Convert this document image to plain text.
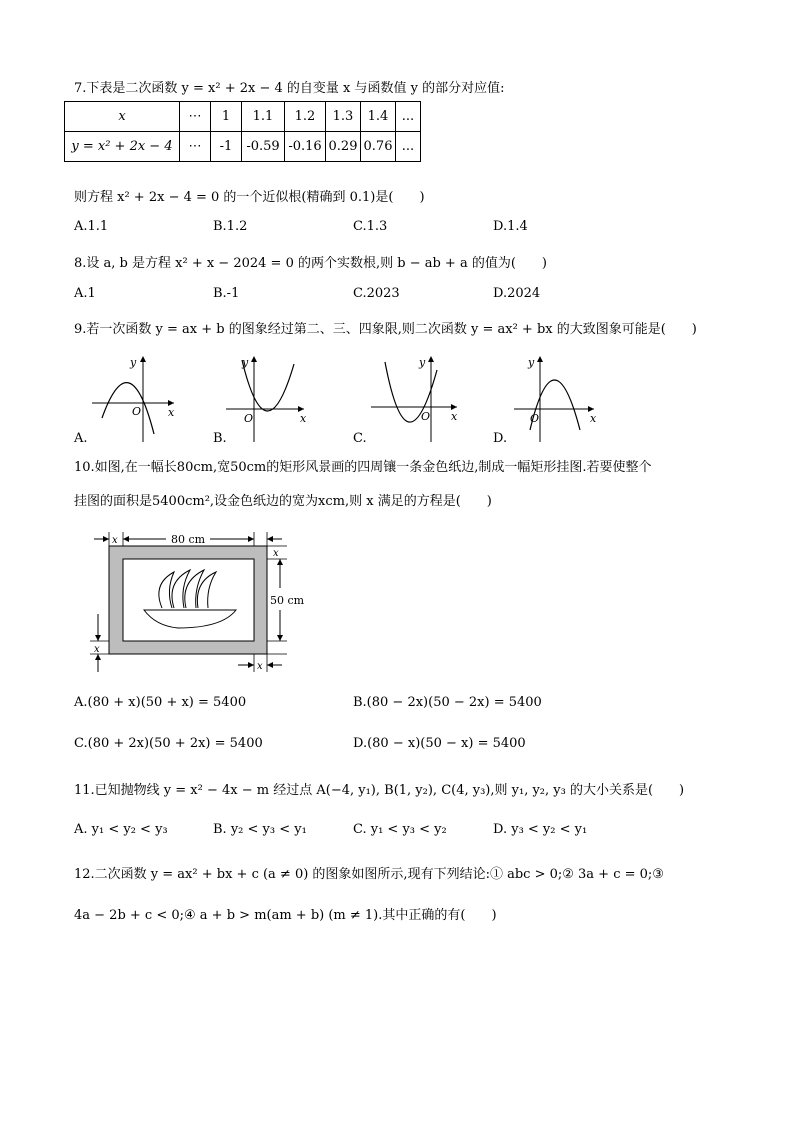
7.下表是二次函数 y = x² + 2x − 4 的自变量 x 与函数值 y 的部分对应值:
x	⋯	1	1.1	1.2	1.3	1.4	...
y = x² + 2x − 4	⋯	-1	-0.59	-0.16	0.29	0.76	...
则方程 x² + 2x − 4 = 0 的一个近似根(精确到 0.1)是(　　)
A.1.1	B.1.2	C.1.3	D.1.4
8.设 a, b 是方程 x² + x − 2024 = 0 的两个实数根,则 b − ab + a 的值为(　　)
A.1	B.-1	C.2023	D.2024
9.若一次函数 y = ax + b 的图象经过第二、三、四象限,则二次函数 y = ax² + bx 的大致图象可能是(　　)
y
x
O
A.
y
x
O
B.
y
x
O
C.
y
x
O
D.
10.如图,在一幅长80cm,宽50cm的矩形风景画的四周镶一条金色纸边,制成一幅矩形挂图.若要使整个
挂图的面积是5400cm²,设金色纸边的宽为xcm,则 x 满足的方程是(　　)
80 cm
x
x
50 cm
x
x
A.(80 + x)(50 + x) = 5400	B.(80 − 2x)(50 − 2x) = 5400
C.(80 + 2x)(50 + 2x) = 5400	D.(80 − x)(50 − x) = 5400
11.已知抛物线 y = x² − 4x − m 经过点 A(−4, y₁), B(1, y₂), C(4, y₃),则 y₁, y₂, y₃ 的大小关系是(　　)
A. y₁ < y₂ < y₃	B. y₂ < y₃ < y₁	C. y₁ < y₃ < y₂	D. y₃ < y₂ < y₁
12.二次函数 y = ax² + bx + c (a ≠ 0) 的图象如图所示,现有下列结论:① abc > 0;② 3a + c = 0;③
4a − 2b + c < 0;④ a + b > m(am + b) (m ≠ 1).其中正确的有(　　)
